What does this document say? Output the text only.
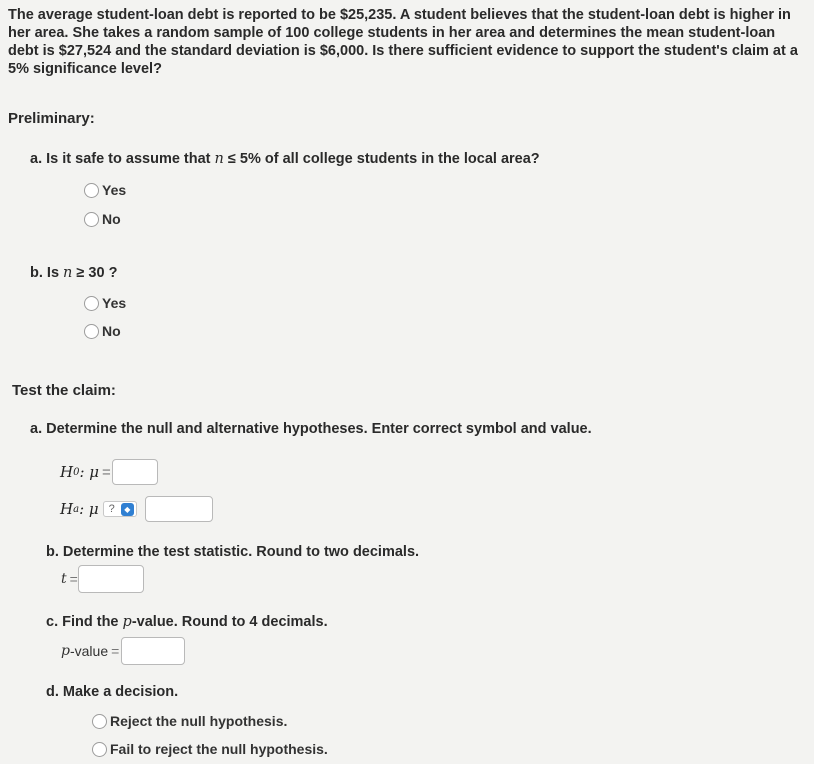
The average student-loan debt is reported to be $25,235. A student believes that the student-loan debt is higher in her area. She takes a random sample of 100 college students in her area and determines the mean student-loan debt is $27,524 and the standard deviation is $6,000. Is there sufficient evidence to support the student's claim at a 5% significance level?
Preliminary:
a. Is it safe to assume that n ≤ 5% of all college students in the local area?
Yes
No
b. Is n ≥ 30 ?
Yes
No
Test the claim:
a. Determine the null and alternative hypotheses. Enter correct symbol and value.
H 0 : μ =
H a : μ ?	◆
b. Determine the test statistic. Round to two decimals.
t =
c. Find the p-value. Round to 4 decimals.
p -value =
d. Make a decision.
Reject the null hypothesis.
Fail to reject the null hypothesis.
